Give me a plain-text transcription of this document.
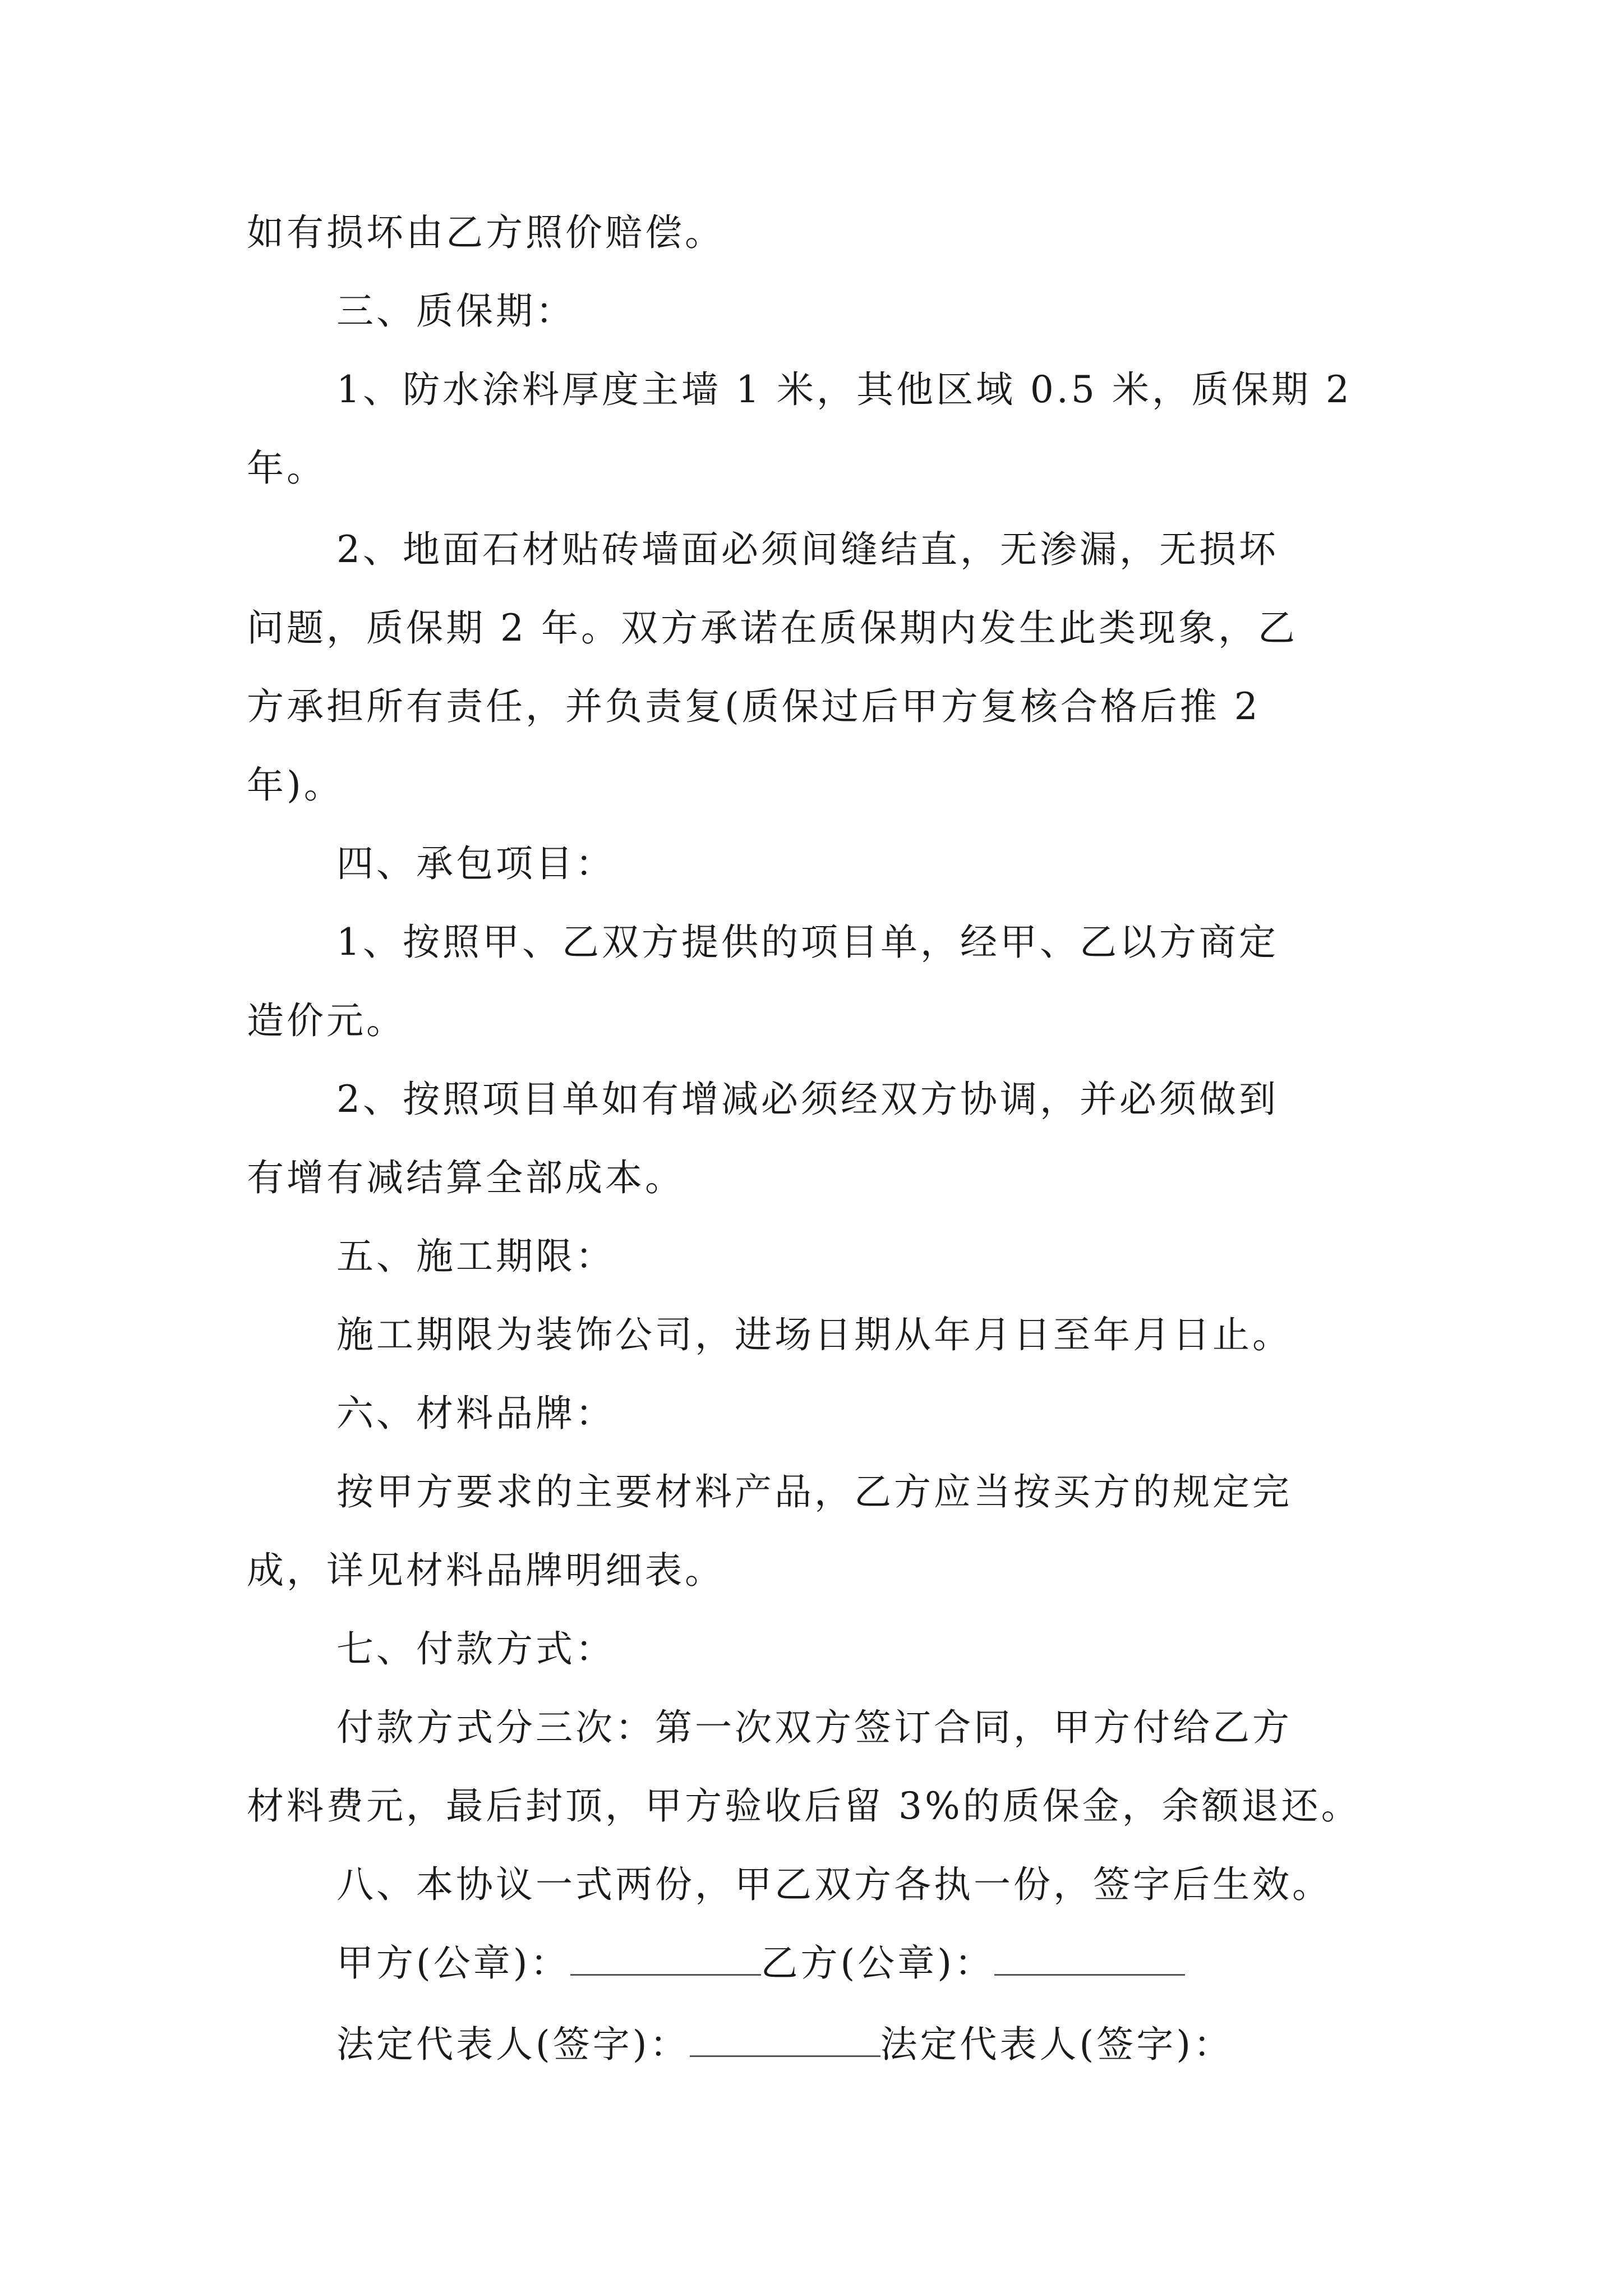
如有损坏由乙方照价赔偿。
三、质保期：
1、防水涂料厚度主墙 1 米，其他区域 0.5 米，质保期 2
年。
2、地面石材贴砖墙面必须间缝结直，无渗漏，无损坏
问题，质保期 2 年。双方承诺在质保期内发生此类现象，乙
方承担所有责任，并负责复(质保过后甲方复核合格后推 2
年)。
四、承包项目：
1、按照甲、乙双方提供的项目单，经甲、乙以方商定
造价元。
2、按照项目单如有增减必须经双方协调，并必须做到
有增有减结算全部成本。
五、施工期限：
施工期限为装饰公司，进场日期从年月日至年月日止。
六、材料品牌：
按甲方要求的主要材料产品，乙方应当按买方的规定完
成，详见材料品牌明细表。
七、付款方式：
付款方式分三次：第一次双方签订合同，甲方付给乙方
材料费元，最后封顶，甲方验收后留 3%的质保金，余额退还。
八、本协议一式两份，甲乙双方各执一份，签字后生效。
甲方(公章)：	乙方(公章)：
法定代表人(签字)：	法定代表人(签字)：
